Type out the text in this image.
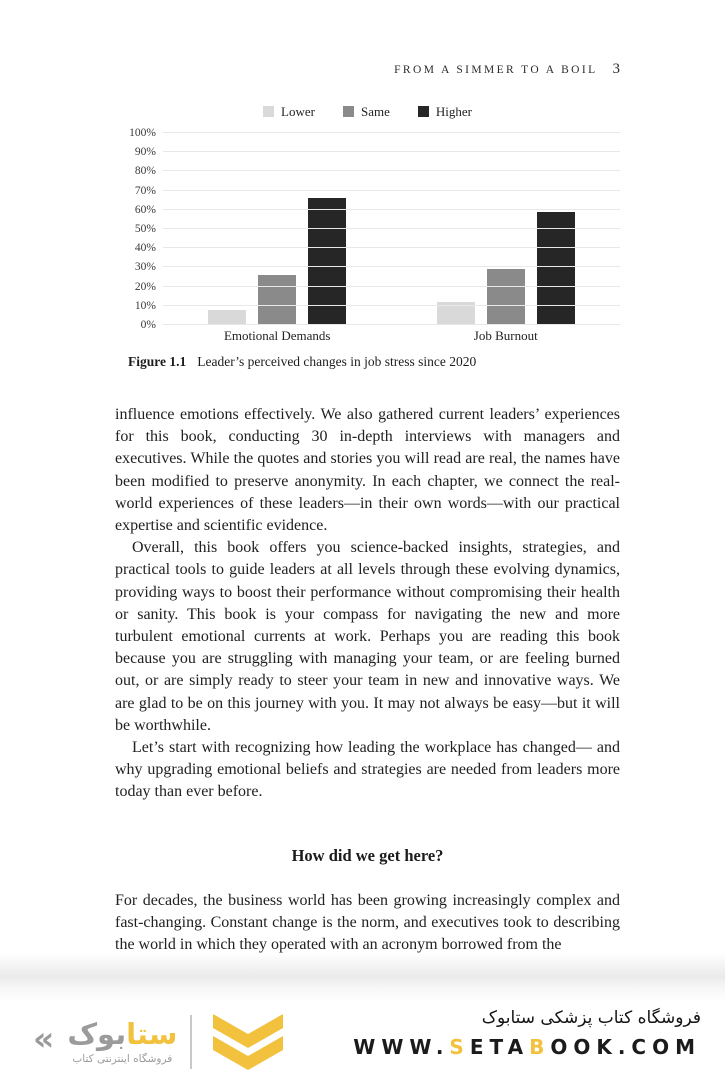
FROM A SIMMER TO A BOIL 3
Lower	Same	Higher
0%
10%
20%
30%
40%
50%
60%
70%
80%
90%
100%
Emotional Demands	Job Burnout
Figure 1.1 Leader’s perceived changes in job stress since 2020

influence emotions effectively. We also gathered current leaders’ experiences for this book, conducting 30 in-depth interviews with managers and executives. While the quotes and stories you will read are real, the names have been modified to preserve anonymity. In each chapter, we connect the real-world experiences of these leaders—in their own words—with our practical expertise and scientific evidence.

Overall, this book offers you science-backed insights, strategies, and practical tools to guide leaders at all levels through these evolving dynamics, providing ways to boost their performance without compromising their health or sanity. This book is your compass for navigating the new and more turbulent emotional currents at work. Perhaps you are reading this book because you are struggling with managing your team, or are feeling burned out, or are simply ready to steer your team in new and innovative ways. We are glad to be on this journey with you. It may not always be easy—but it will be worthwhile.

Let’s start with recognizing how leading the workplace has changed— and why upgrading emotional beliefs and strategies are needed from leaders more today than ever before.

How did we get here?

For decades, the business world has been growing increasingly complex and fast-changing. Constant change is the norm, and executives took to describing the world in which they operated with an acronym borrowed from the

«	ستابوک
فروشگاه اینترنتی کتاب
فروشگاه کتاب پزشکی ستابوک
WWW.SETABOOK.COM
